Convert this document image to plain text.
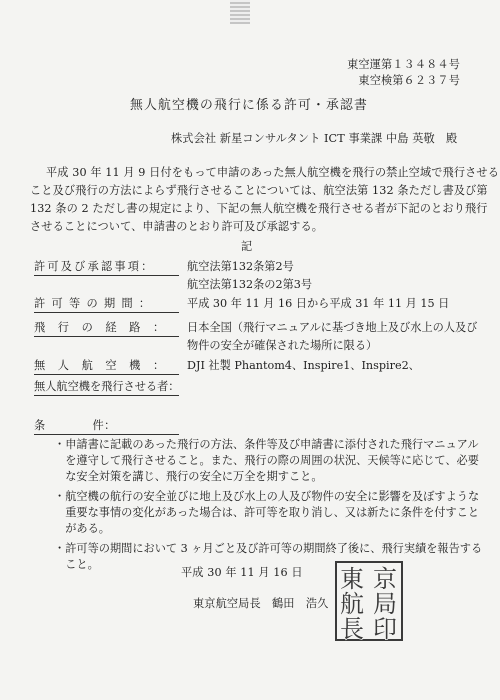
東空運第１３４８４号
東空検第６２３７号
無人航空機の飛行に係る許可・承認書
株式会社 新星コンサルタント ICT 事業課 中島 英敬　殿
平成 30 年 11 月 9 日付をもって申請のあった無人航空機を飛行の禁止空域で飛行させる
こと及び飛行の方法によらず飛行させることについては、航空法第 132 条ただし書及び第
132 条の 2 ただし書の規定により、下記の無人航空機を飛行させる者が下記のとおり飛行
させることについて、申請書のとおり許可及び承認する。
記
許可及び承認事項：	航空法第132条第2号
航空法第132条の2第3号
許可等の期間：	平成 30 年 11 月 16 日から平成 31 年 11 月 15 日
飛行の経路： 日本全国（飛行マニュアルに基づき地上及び水上の人及び
物件の安全が確保された場所に限る）
無人航空機： DJI 社製 Phantom4、Inspire1、Inspire2、
無人航空機を飛行させる者：
条　　　　件：
・申請書に記載のあった飛行の方法、条件等及び申請書に添付された飛行マニュアル
　を遵守して飛行させること。また、飛行の際の周囲の状況、天候等に応じて、必要
　な安全対策を講じ、飛行の安全に万全を期すこと。
・航空機の航行の安全並びに地上及び水上の人及び物件の安全に影響を及ぼすような
　重要な事情の変化があった場合は、許可等を取り消し、又は新たに条件を付すこと
　がある。
・許可等の期間において 3 ヶ月ごと及び許可等の期間終了後に、飛行実績を報告する
　こと。
平成 30 年 11 月 16 日
東京航空局長　鶴田　浩久
京
局
印
東
航
長
